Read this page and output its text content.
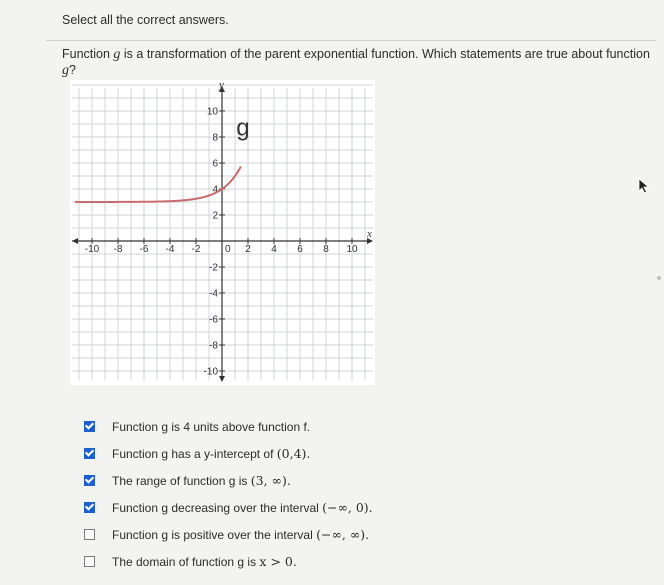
Select all the correct answers.
Function g is a transformation of the parent exponential function. Which statements are true about function g?
-10 -8 -6 -4 -2	2 4 6 8 10
10
8
6
4
2
-2
-4
-6
-8
-10
0
x
y
g
Function g is 4 units above function f.
Function g has a y-intercept of (0,4).
The range of function g is (3, ∞).
Function g decreasing over the interval (−∞, 0).
Function g is positive over the interval (−∞, ∞).
The domain of function g is x > 0.
